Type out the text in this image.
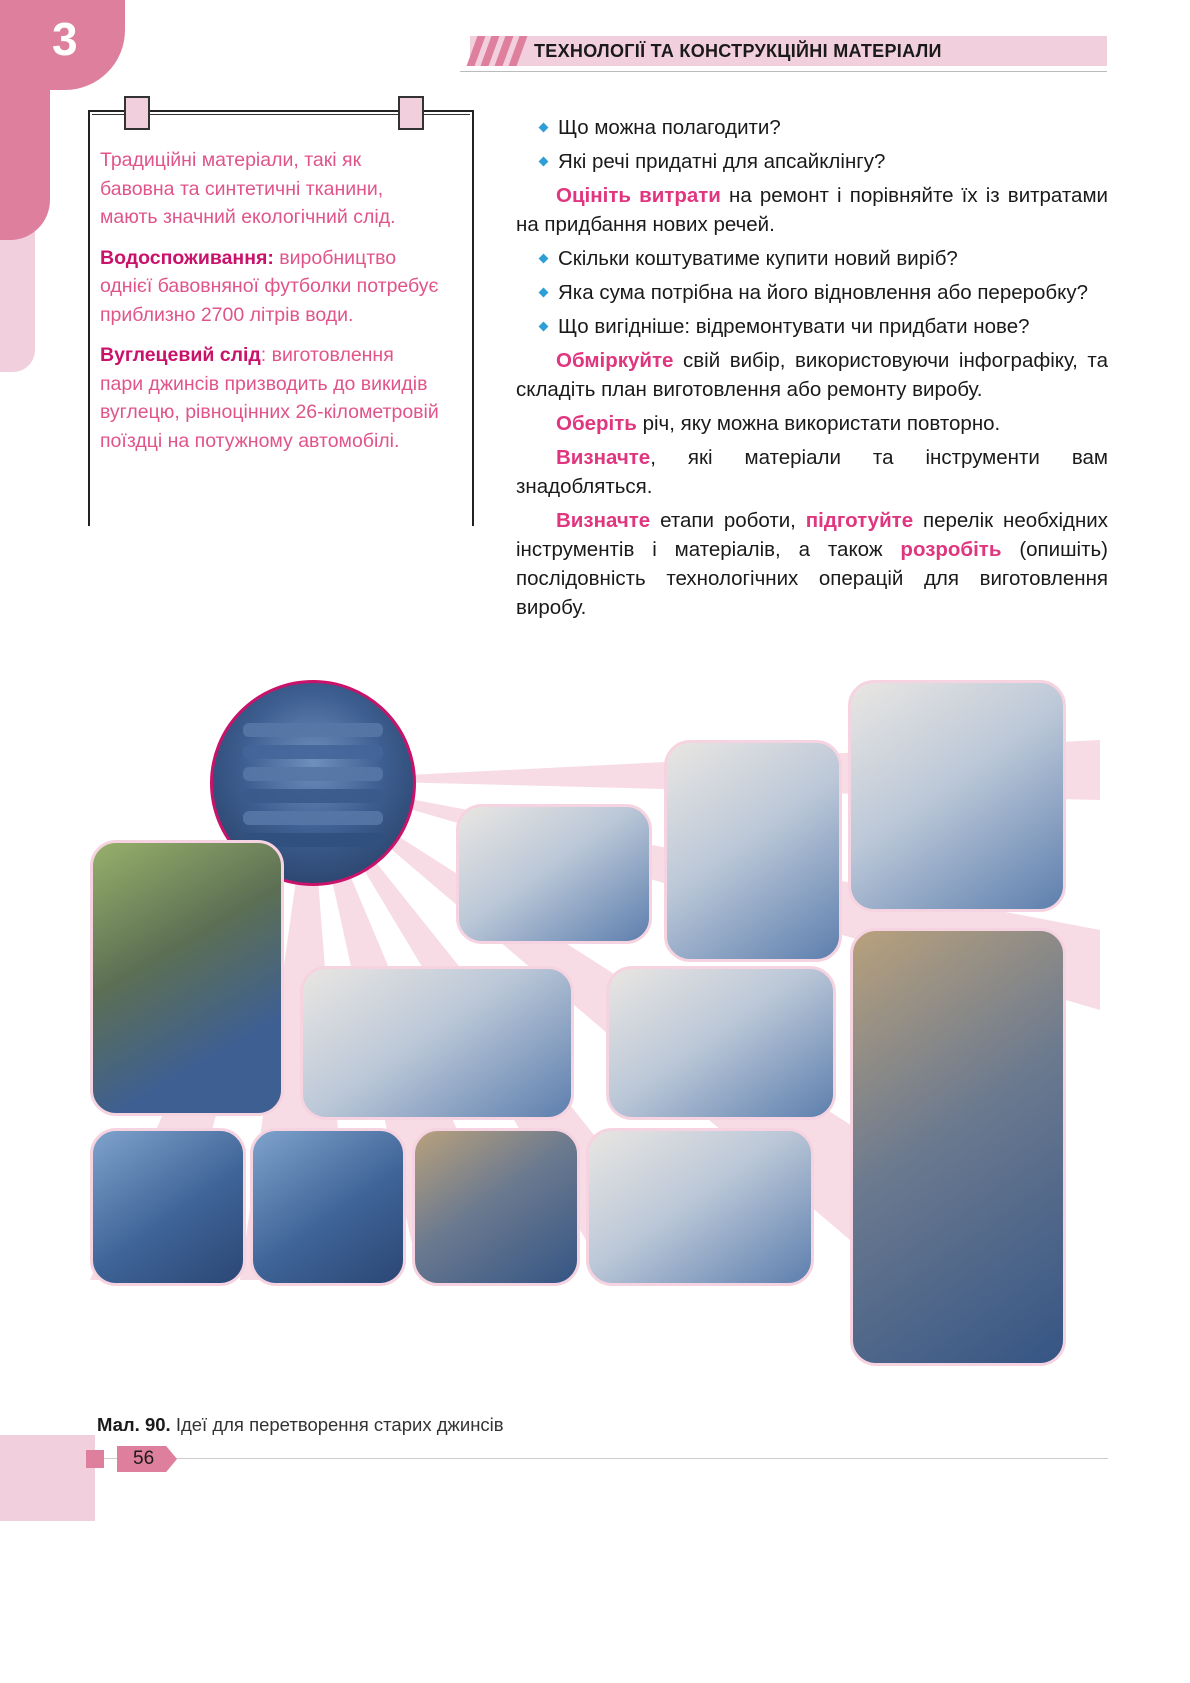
3	ТЕХНОЛОГІЇ ТА КОНСТРУКЦІЙНІ МАТЕРІАЛИ

Традиційні матеріали, такі як бавовна та синтетичні тканини, мають значний екологічний слід.

Водоспоживання: виробництво однієї бавовняної футболки потребує приблизно 2700 літрів води.

Вуглецевий слід: виготовлення пари джинсів призводить до викидів вуглецю, рівноцінних 26-кілометровій поїздці на потужному автомобілі.

Що можна полагодити?
Які речі придатні для апсайклінгу?

Оцініть витрати на ремонт і порівняйте їх із витратами на придбання нових речей.

Скільки коштуватиме купити новий виріб?
Яка сума потрібна на його відновлення або переробку?
Що вигідніше: відремонтувати чи придбати нове?

Обміркуйте свій вибір, використовуючи інфографіку, та складіть план виготовлення або ремонту виробу.

Оберіть річ, яку можна використати повторно.

Визначте, які матеріали та інструменти вам знадобляться.

Визначте етапи роботи, підготуйте перелік необхідних інструментів і матеріалів, а також розробіть (опишіть) послідовність технологічних операцій для виготовлення виробу.

Мал. 90. Ідеї для перетворення старих джинсів
56
